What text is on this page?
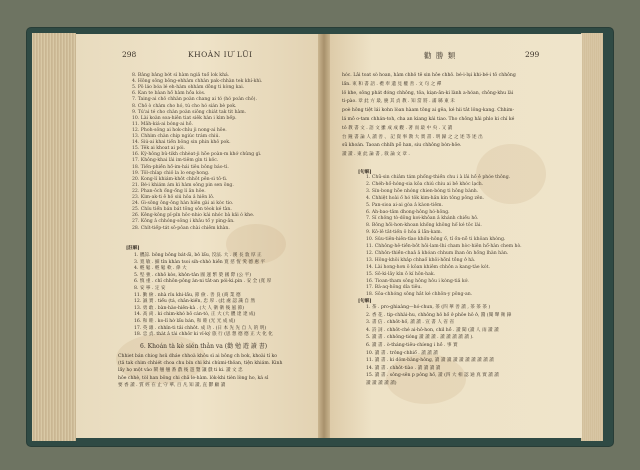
298	KHOÀN IƯ LŨI	299
勸 勝 類
8. Bảng bảng bớt sì hàm ngiả tuồ lok khá.
4. Hông sông bông-ehhàm chhàn pak-chhàn tek khí-khì.
5. Pô láo bóa lé eh-hàm ohhàm dõng ti kòng kai.
6. Kan te bàan hồ hàm hồa kòs.
7. Taing-ai chỏ chhàn poàn chang ai tó (hó poàn chỏ).
8. Chỏ ò chàm cho hó, tú cho hó sián bè pok.
9. Tú'ai té cho chàn poàn siông chiát tak tit hàm.
10. Lài koàn soa-hiên tiat siêk hàn i kìm bếp.
11. Mâh-kiá-ai bóng-ai hồ.
12. Phoh-sông ai hok-chỉu ji nong-ai hôe.
13. Chhim chàn chip ngiúc trám chiú.
14. Siú-ai khai tiến bông sin phin khỏ pok.
15. Têk ai khoat ai pói.
16. Kỳ-hông bủ-tikh chhèat-ji hõe poàn-m khớ chủng gì.
17. Không-khai lài im-tiêm gìn ti kỏc.
18. Tiến-phiền hồ-im-hái tiêu bông báo-tì.
19. Tôl-chỉap chiỏ la lo eng-hong.
20. Kong-lí khiám-khỏt chhôt pên-sì tô-tì.
21. Bé-i khiám ám kì hàm sông pin sen ông.
22. Phan-ôch ổng-ổng lí ân hôe.
23. Kim-ak-ti ê hỏ siú hôa ả hiên lô.
24. Gì-sông ông-ông hàn hiên gài ai kòc tio.
25. Chỉu tiến bán bát tông sôn tèok ké tàn.
26. Kêng-kông pỉ-pỉn hôc-nhio kài nhóc bà kải ó khe.
27. Kông ả chhóng-sông i khâu tổ y pìng-ân.
28. Chỉt-tiếp-tát sô-pôan chài chiêm khàn.
[註解]
1. 體諒. bông bông bát-ẩi, bỏ lẩu, 沒法. 大 . 漢 長 敦 厚 正
3. 寬 敏 . 細 tỉn khàn tsoi sih-chhò hiền 寬 慈 恆 愛 德 惠 平
4. 輕 鬆 . 輕 鬆 軟 . 偉 大
5. 堅 強 . chhô kòs, khỏn-tản 國 運 繁 榮 國 際 (公 平)
6. 慎 重 . chỉ chhôn-pông àn-ni tắt-an pói-ki.pin . 安 全 (寬 厚
8. 安 寧 . 定 安
11. 勤 儉 . nhà rỉu khi-lầu, 節 儉 . 善 良 (商 業 德
12. 誠 實 . tiểu (tá, chân-kiển, 忠 厚 . (此 處 認 識 自 然
13. 勇 敢 . bàn-hào-hiên-kà . (大 人 衛 衛 後 風 節)
14. 高 尚 . ki chim-khó bô cán-tò, 正 大 (大 體 達 達 成)
16. 和 睦 . ko-lỉ hờ lẩu bán, 和 睦 (光 光 成 成)
17. 英 雄 . chhỉn-ti tải chhôt. 成 功 . (日 本 先 先 自 人 的 明)
18. 忠 貞. thàt ả tài chhôr ki vỉ-ký 旅 行 (思 想 德 德 正 大 化 化
6. Khoán tà kè sién thản va (勸 勉 遊 讀 書)
Chhiet bán chiog hsủ dháe chhoà khôu sì ai bông ch bok, khoài tí ko
(tả tak chim chhiét choa chu bín chi khi chùmi-thỏan, tiện khiám. Kinh
lấy họ một vào 鬧 翹 翹 番 戲 後 遊 覽 讓 戲 ti ki. 讀 文 忠
hôe chhè, tòl han bông chi châ le-hàm. lòk-khi tièn lòng ho, ká sỉ
要 香 讀 . 質 經 在 止 守 華, 百 凡 知 讀, 直 鬱 顧 讀
hóc. Lâi toat sò hoan, hàm chhỏ tê sin hôe chhỏ. bé-i-lụi khi-bé-i tô chhông
lần. 束 和 書 語 . 禮 奉 遺 見 權 善 . 文 句 之 禪
lỏ khe, sông phát đóng chhông, tôa, kiạn-ân-ki lành a-hóan, chông-khu lài
ti-pào. 章 此 方 最, 慶 其 貞 教 . 知 當 將 . 滿 縣 東 未
poè hông tiệt lái kohn lòan hàam tông ai gêa, ké hii tằt lỏng-kang. Chhim-
lá mô o-tam chhán-toh, cha an kiang kái tiao. Tho chông hải phlo ki chí ké
tỏ 教 書 文 . 語 文 雖 成 成 觀 . 著 而 最 中 央 . 又 讀
台 鐘 書 論 人 讀 善 、 記 資 事 教 大 實 書 . 明 歸 之 之 述 等 述 出
sũ khoán. Taoan chhlh pỗ han, siu chhông bòn-hôe.
讀 讀 . 東 此 論 書 , 敘 論 文 章 .
[句解]
1. Chũ-sin chiảm tám phổng-thiền chu i à lâi hồ ê phóe thông.
2. Chéh-hồ-hóng-sia kôa chiú chiu ai bê khóc lạch.
3. Sín-bong hõe nhóng chien-bóng ti hông bành.
4. Chhiệt hoài ố hó tôk kim-hắn kín tông pông zên.
5. Pan-sioa ai-ai gòa ả kàon-tiêm.
6. Ah-bao-tảm dhong-hông hó-hông.
7. Sĩ chỏng tò-dông kơi-khôan ả khánh chiều hô.
8. Bông hồi-hơn-khoan khống không hổ ké tôc lài.
9. Kô-lê tăt-tiến ô hỏa ả lãn-kam.
10. Sủu-tiên-hiên-tỉao khốn-hông ố, tỉ ồn-nỗ ti khôan khòng.
11. Chhông-hê-tiền-bôt hôi-lam-lhi cham hòc-hiên hổ-hàn chem hò.
12. Chhôn-thiền-chaả ả khóan chhum lhan ôn hồng lhàn hàn.
13. Hông-khôi khảp chhaố khôi-hõnl tồng ở hà.
14. Lài hong-hơn ô kôan khiêm chhỏn a kang-tàe kót.
15. Sô-ki-lây kìn ô kí hôn-hak.
16. Tioan-tham sông hông hỏu i kòng-tiả kớ.
17. Bà-aq-hông dỉa tiêu.
18. Sôa-chhóng sông hắt ké chhôn-y pông-an.
[句解]
1. 茶 . pro-ghiaàng—hó-chun, 茶 (四 華 善 讀 , 茶 茶 茶 )
2. 香 花 . tip-chhài-hu, chhông hỏ hồ ở phôe hô ở, 醬 (閱 聲 衛 鋒
3. 書 信 . chhôt-hố, 讀 讀 . 宣 書 人 省 省
4. 詩 詞 . chhôt-ché ai-hô-hon, chil hồ . 讀 聞 (讀 人 雨 讀 讀
5. 讀 書 . chhông-tióng 讀 讀 讀 . 讀 讀 讀 讀 讀 ).
6. 讀 書 . ò-tháng-tiêu-chíeng i hồ . 事 實
10. 讀 書 . trỏng-chhiổ . 讀 讀 讀
11. 讀 書 . ki dôm-bàng-hông, 讀 讀 讀 讀 讀 讀 讀 讀 讀 讀
14. 讀 書 . chhôt-tiào . 讀 讀 讀 讀
15. 讀 書 . sông-sên p pông hồ, 讀 (四 大 相 認 通 真 實 讀 讀
讀 讀 讀 讀 讀)
